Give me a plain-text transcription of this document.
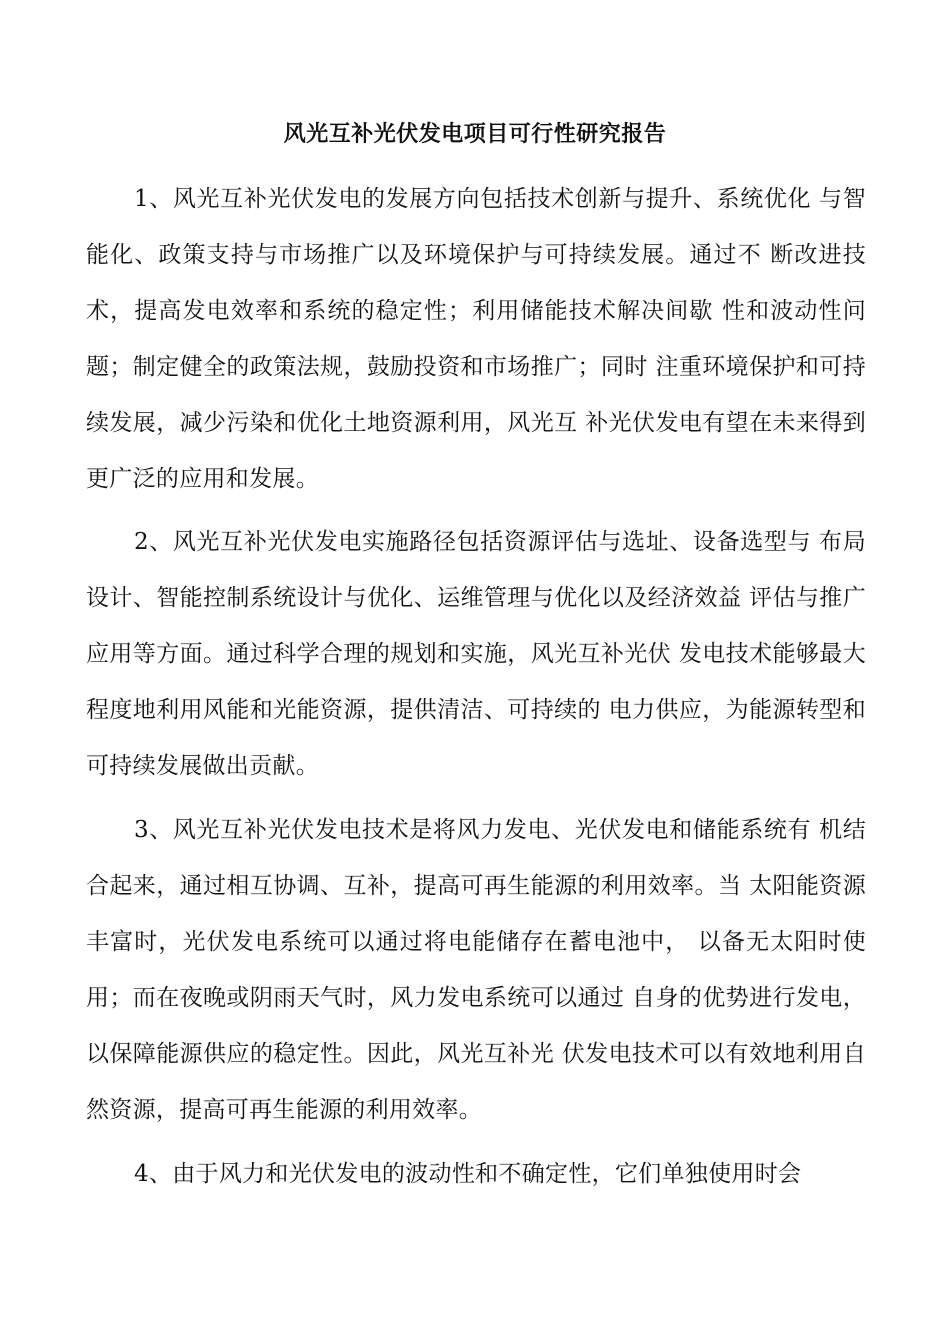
风光互补光伏发电项目可行性研究报告
1、风光互补光伏发电的发展方向包括技术创新与提升、系统优化 与智能化、政策支持与市场推广以及环境保护与可持续发展。通过不 断改进技术，提高发电效率和系统的稳定性；利用储能技术解决间歇 性和波动性问题；制定健全的政策法规，鼓励投资和市场推广；同时 注重环境保护和可持续发展，减少污染和优化土地资源利用，风光互 补光伏发电有望在未来得到更广泛的应用和发展。
2、风光互补光伏发电实施路径包括资源评估与选址、设备选型与 布局设计、智能控制系统设计与优化、运维管理与优化以及经济效益 评估与推广应用等方面。通过科学合理的规划和实施，风光互补光伏 发电技术能够最大程度地利用风能和光能资源，提供清洁、可持续的 电力供应，为能源转型和可持续发展做出贡献。
3、风光互补光伏发电技术是将风力发电、光伏发电和储能系统有 机结合起来，通过相互协调、互补，提高可再生能源的利用效率。当 太阳能资源丰富时，光伏发电系统可以通过将电能储存在蓄电池中， 以备无太阳时使用；而在夜晚或阴雨天气时，风力发电系统可以通过 自身的优势进行发电，以保障能源供应的稳定性。因此，风光互补光 伏发电技术可以有效地利用自然资源，提高可再生能源的利用效率。
4、由于风力和光伏发电的波动性和不确定性，它们单独使用时会
